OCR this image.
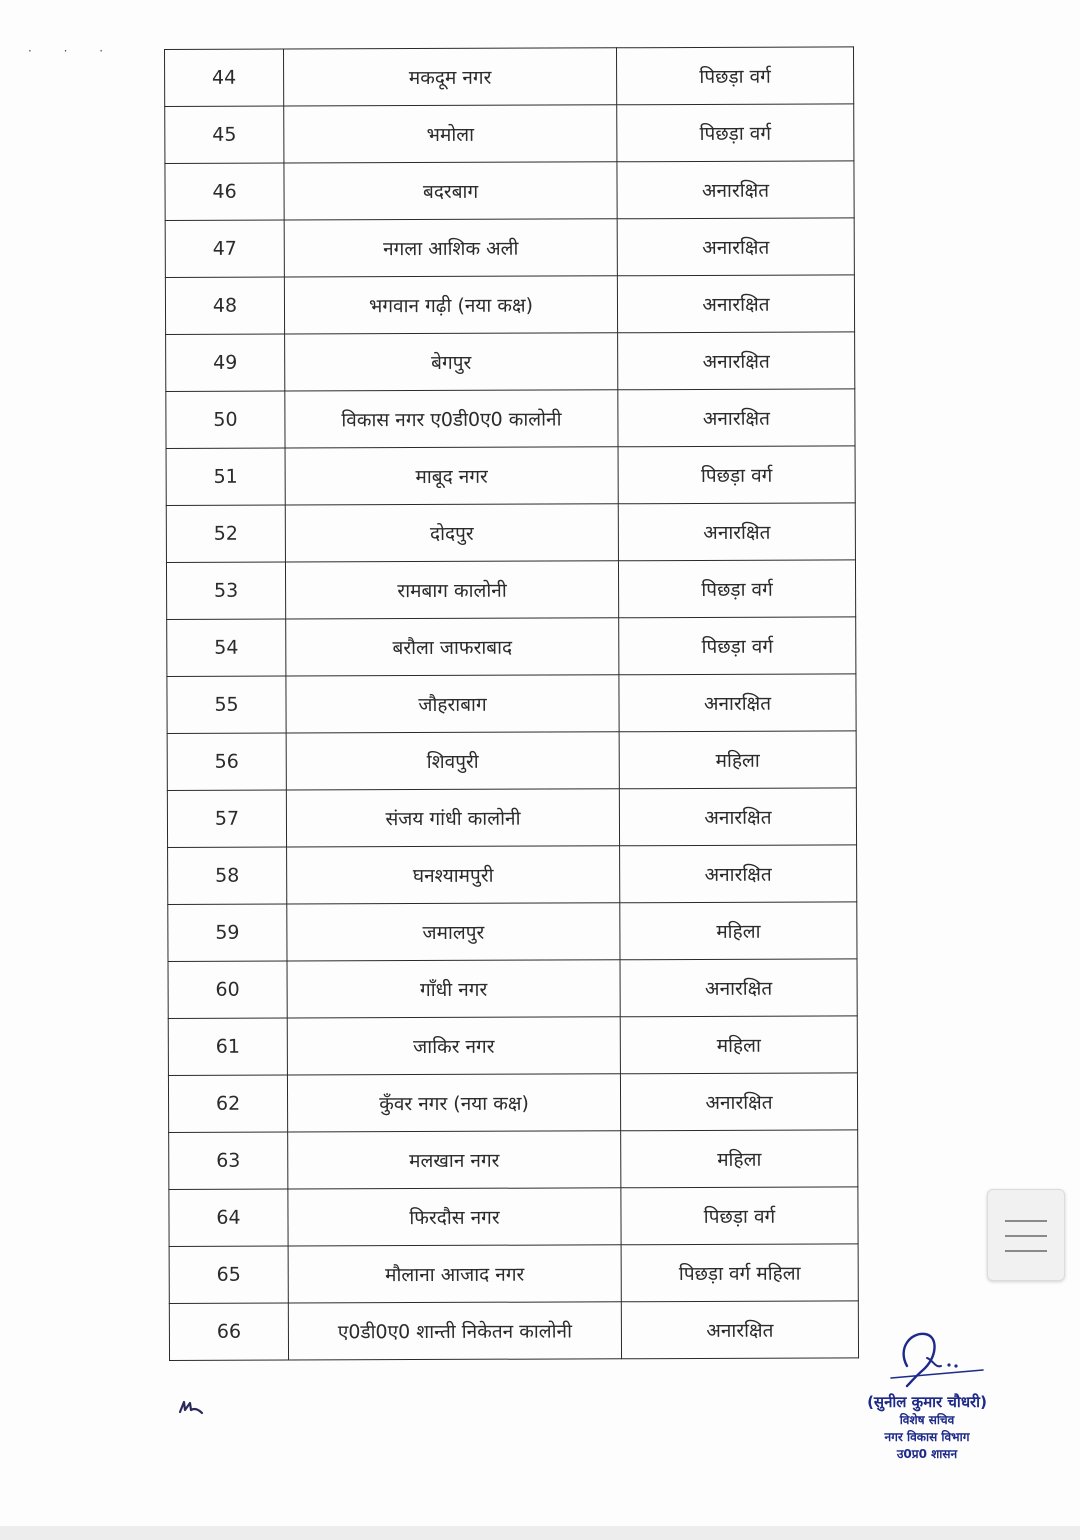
· · ·
44	मकदूम नगर	पिछड़ा वर्ग
45	भमोला	पिछड़ा वर्ग
46	बदरबाग	अनारक्षित
47	नगला आशिक अली	अनारक्षित
48	भगवान गढ़ी (नया कक्ष)	अनारक्षित
49	बेगपुर	अनारक्षित
50	विकास नगर ए0डी0ए0 कालोनी	अनारक्षित
51	माबूद नगर	पिछड़ा वर्ग
52	दोदपुर	अनारक्षित
53	रामबाग कालोनी	पिछड़ा वर्ग
54	बरौला जाफराबाद	पिछड़ा वर्ग
55	जौहराबाग	अनारक्षित
56	शिवपुरी	महिला
57	संजय गांधी कालोनी	अनारक्षित
58	घनश्यामपुरी	अनारक्षित
59	जमालपुर	महिला
60	गाँधी नगर	अनारक्षित
61	जाकिर नगर	महिला
62	कुँवर नगर (नया कक्ष)	अनारक्षित
63	मलखान नगर	महिला
64	फिरदौस नगर	पिछड़ा वर्ग
65	मौलाना आजाद नगर	पिछड़ा वर्ग महिला
66	ए0डी0ए0 शान्ती निकेतन कालोनी	अनारक्षित
(सुनील कुमार चौधरी)
विशेष सचिव
नगर विकास विभाग
उ0प्र0 शासन
